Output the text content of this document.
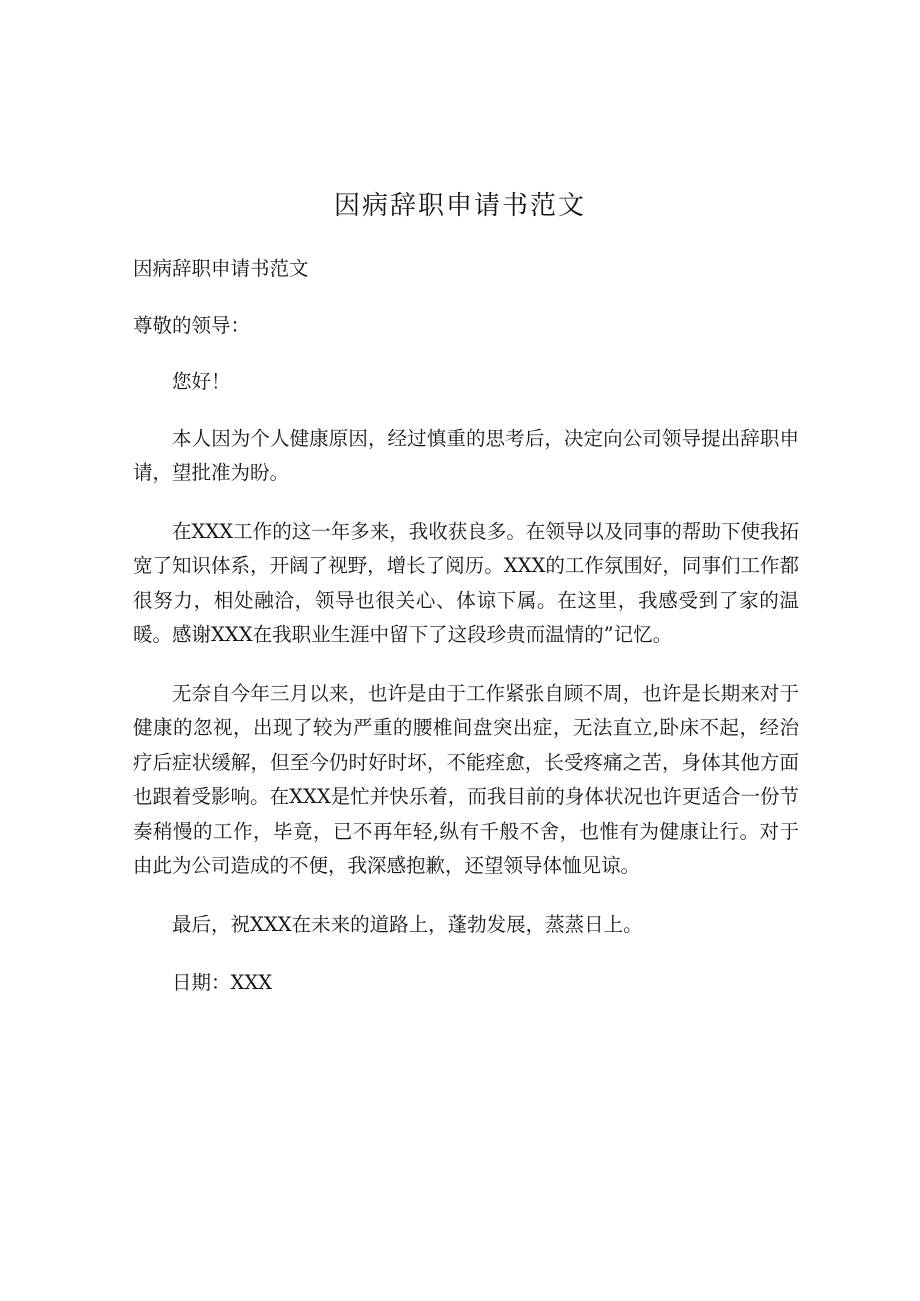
因病辞职申请书范文

因病辞职申请书范文

尊敬的领导：

您好！

本人因为个人健康原因，经过慎重的思考后，决定向公司领导提出辞职申请，望批准为盼。

在XXX工作的这一年多来，我收获良多。在领导以及同事的帮助下使我拓宽了知识体系，开阔了视野，增长了阅历。XXX的工作氛围好，同事们工作都很努力，相处融洽，领导也很关心、体谅下属。在这里，我感受到了家的温暖。感谢XXX在我职业生涯中留下了这段珍贵而温情的”记忆。

无奈自今年三月以来，也许是由于工作紧张自顾不周，也许是长期来对于健康的忽视，出现了较为严重的腰椎间盘突出症，无法直立,卧床不起，经治疗后症状缓解，但至今仍时好时坏，不能痊愈，长受疼痛之苦，身体其他方面也跟着受影响。在XXX是忙并快乐着，而我目前的身体状况也许更适合一份节奏稍慢的工作，毕竟，已不再年轻,纵有千般不舍，也惟有为健康让行。对于由此为公司造成的不便，我深感抱歉，还望领导体恤见谅。

最后，祝XXX在未来的道路上，蓬勃发展，蒸蒸日上。

日期：XXX
